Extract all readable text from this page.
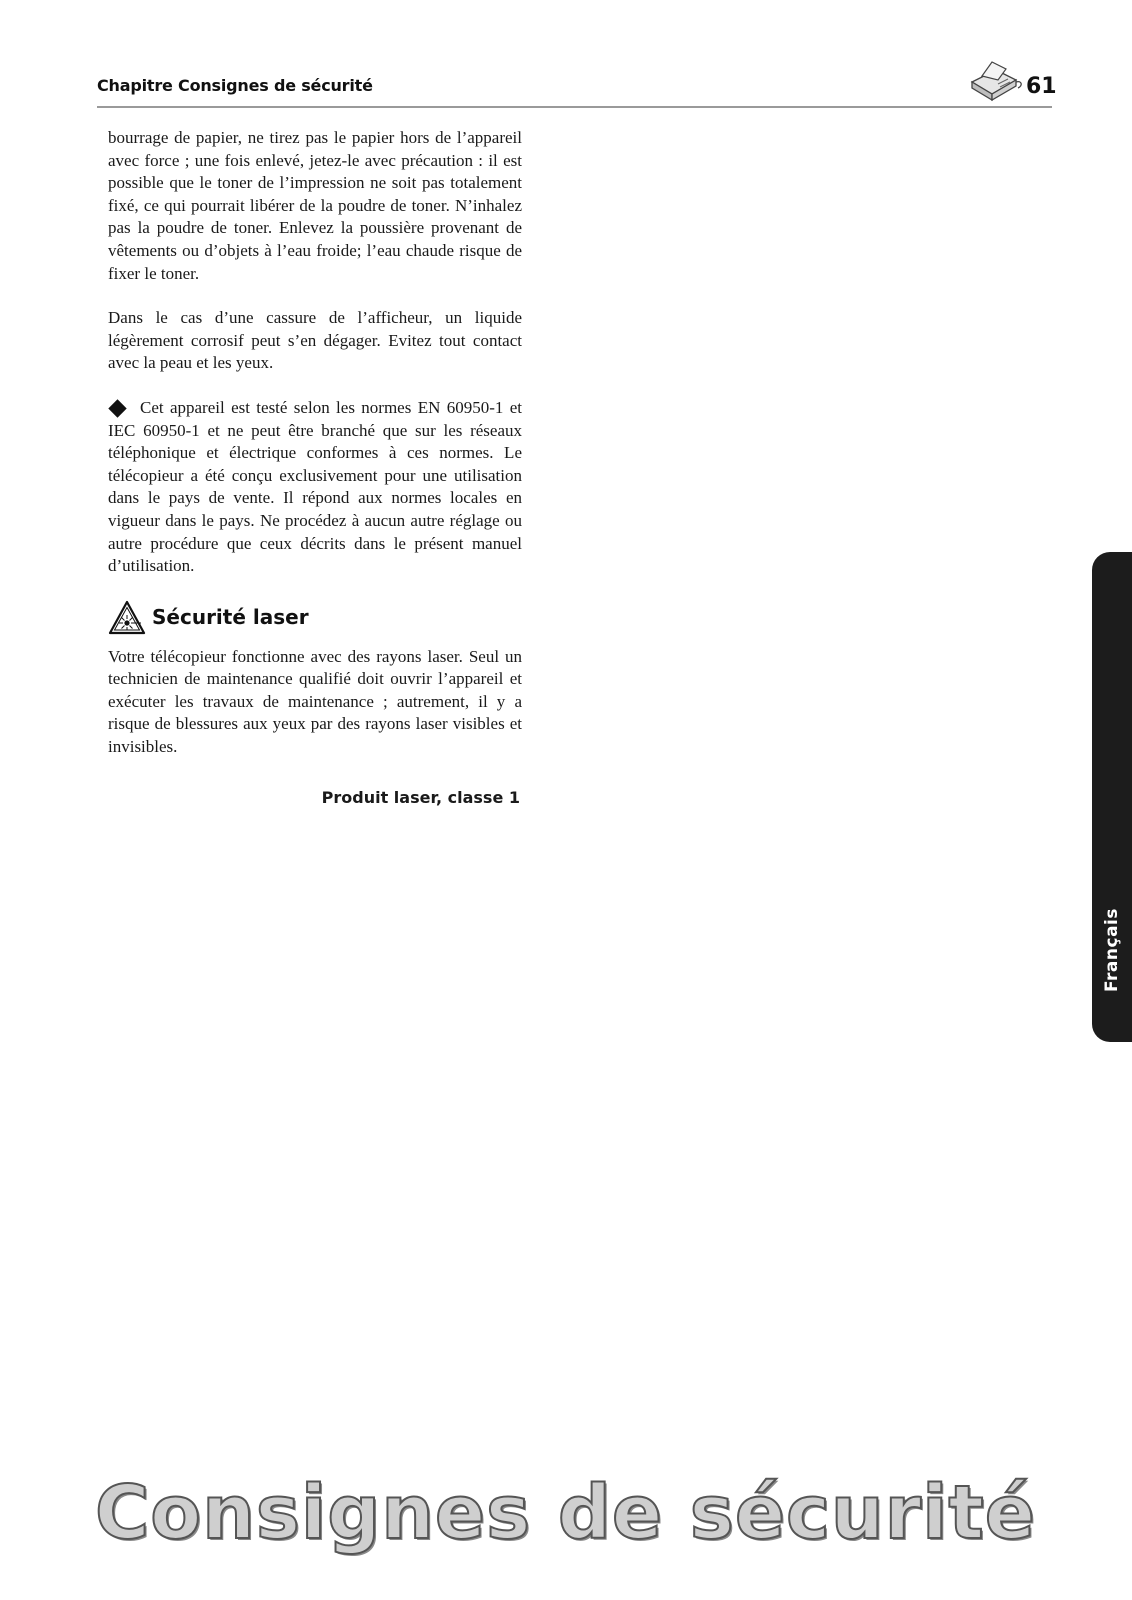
Chapitre Consignes de sécurité	61

bourrage de papier, ne tirez pas le papier hors de l’appareil avec force ; une fois enlevé, jetez-le avec précaution : il est possible que le toner de l’impression ne soit pas totalement fixé, ce qui pourrait libérer de la poudre de toner. N’inhalez pas la poudre de toner. Enlevez la poussière provenant de vêtements ou d’objets à l’eau froide; l’eau chaude risque de fixer le toner.

Dans le cas d’une cassure de l’afficheur, un liquide légèrement corrosif peut s’en dégager. Evitez tout contact avec la peau et les yeux.

Cet appareil est testé selon les normes EN 60950-1 et IEC 60950-1 et ne peut être branché que sur les réseaux téléphonique et électrique conformes à ces normes. Le télécopieur a été conçu exclusivement pour une utilisation dans le pays de vente. Il répond aux normes locales en vigueur dans le pays. Ne procédez à aucun autre réglage ou autre procédure que ceux décrits dans le présent manuel d’utilisation.

Sécurité laser

Votre télécopieur fonctionne avec des rayons laser. Seul un technicien de maintenance qualifié doit ouvrir l’appareil et exécuter les travaux de maintenance ; autrement, il y a risque de blessures aux yeux par des rayons laser visibles et invisibles.

Produit laser, classe 1

Français
Consignes de sécurité
